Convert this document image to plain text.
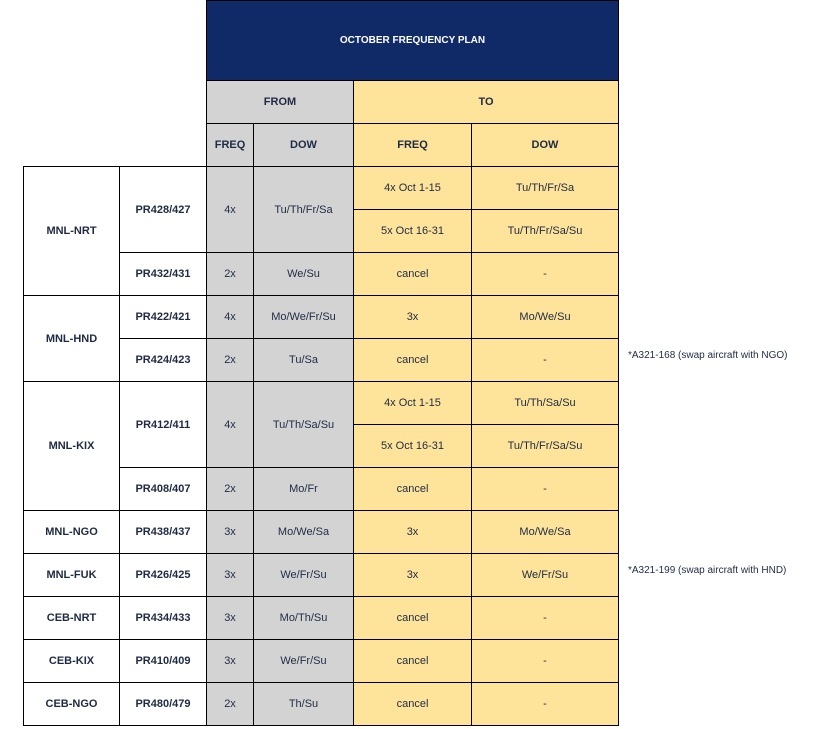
		OCTOBER FREQUENCY PLAN			
		FROM		TO	
		FREQ	DOW	FREQ	DOW
MNL-NRT	PR428/427	4x	Tu/Th/Fr/Sa	4x Oct 1-15	Tu/Th/Fr/Sa
				5x Oct 16-31	Tu/Th/Fr/Sa/Su
	PR432/431	2x	We/Su	cancel	-
MNL-HND	PR422/421	4x	Mo/We/Fr/Su	3x	Mo/We/Su
	PR424/423	2x	Tu/Sa	cancel	-
MNL-KIX	PR412/411	4x	Tu/Th/Sa/Su	4x Oct 1-15	Tu/Th/Sa/Su
				5x Oct 16-31	Tu/Th/Fr/Sa/Su
	PR408/407	2x	Mo/Fr	cancel	-
MNL-NGO	PR438/437	3x	Mo/We/Sa	3x	Mo/We/Sa
MNL-FUK	PR426/425	3x	We/Fr/Su	3x	We/Fr/Su
CEB-NRT	PR434/433	3x	Mo/Th/Su	cancel	-
CEB-KIX	PR410/409	3x	We/Fr/Su	cancel	-
CEB-NGO	PR480/479	2x	Th/Su	cancel	-
*A321-168 (swap aircraft with NGO)
*A321-199 (swap aircraft with HND)
